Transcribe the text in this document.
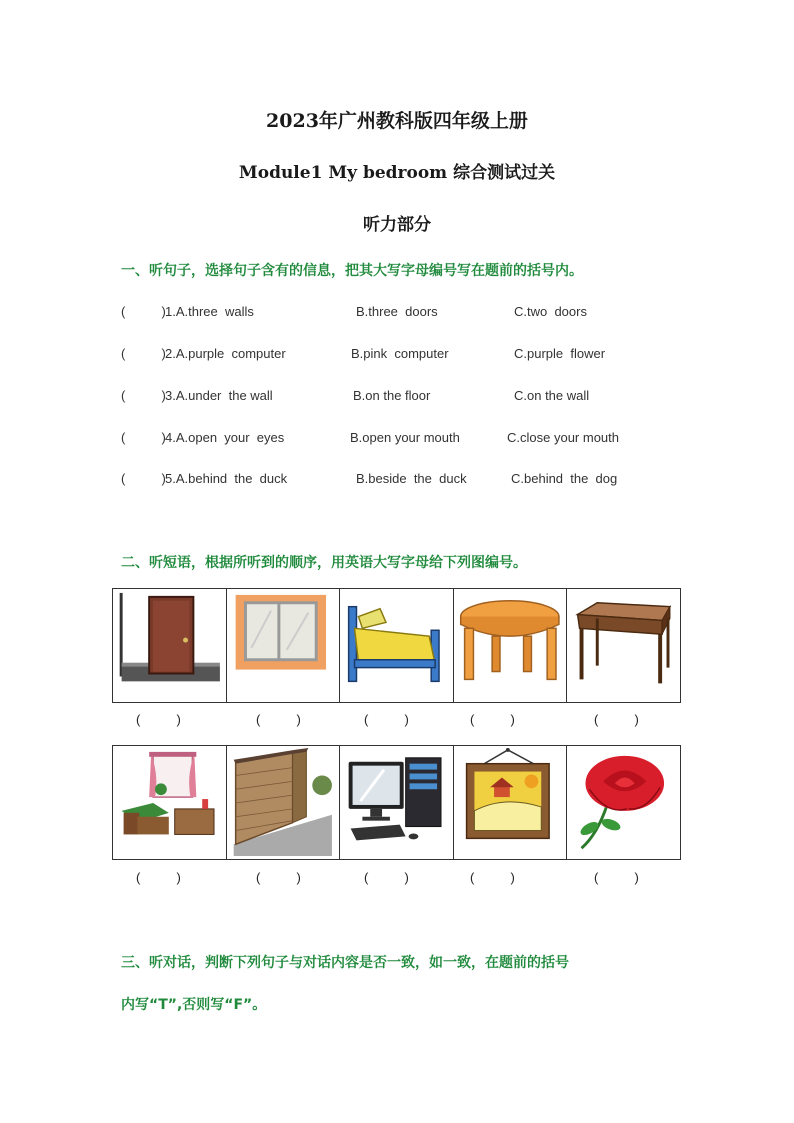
2023年广州教科版四年级上册
Module1 My bedroom 综合测试过关
听力部分
一、听句子，选择句子含有的信息，把其大写字母编号写在题前的括号内。
(          ) 1.A.three  walls	B.three  doors	C.two  doors
(          ) 2.A.purple  computer	B.pink  computer	C.purple  flower
(          ) 3.A.under  the wall	B.on the floor	C.on the wall
(          ) 4.A.open  your  eyes	B.open your mouth	C.close your mouth
(          ) 5.A.behind  the  duck	B.beside  the  duck	C.behind  the  dog
二、听短语，根据所听到的顺序，用英语大写字母给下列图编号。
(          )	(          )	(          )	(          )	(          )
(          )	(          )	(          )	(          )	(          )
三、听对话，判断下列句子与对话内容是否一致，如一致，在题前的括号
内写“T”,否则写“F”。
